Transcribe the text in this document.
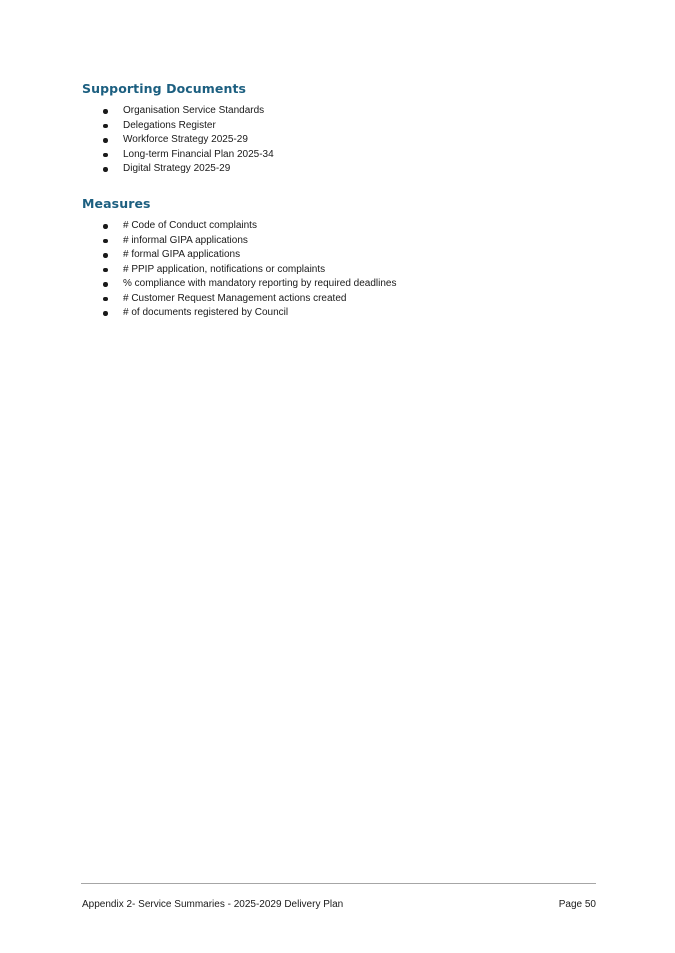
Supporting Documents
Organisation Service Standards
Delegations Register
Workforce Strategy 2025-29
Long-term Financial Plan 2025-34
Digital Strategy 2025-29
Measures
# Code of Conduct complaints
# informal GIPA applications
# formal GIPA applications
# PPIP application, notifications or complaints
% compliance with mandatory reporting by required deadlines
# Customer Request Management actions created
# of documents registered by Council
Appendix 2- Service Summaries - 2025-2029 Delivery Plan	Page 50
